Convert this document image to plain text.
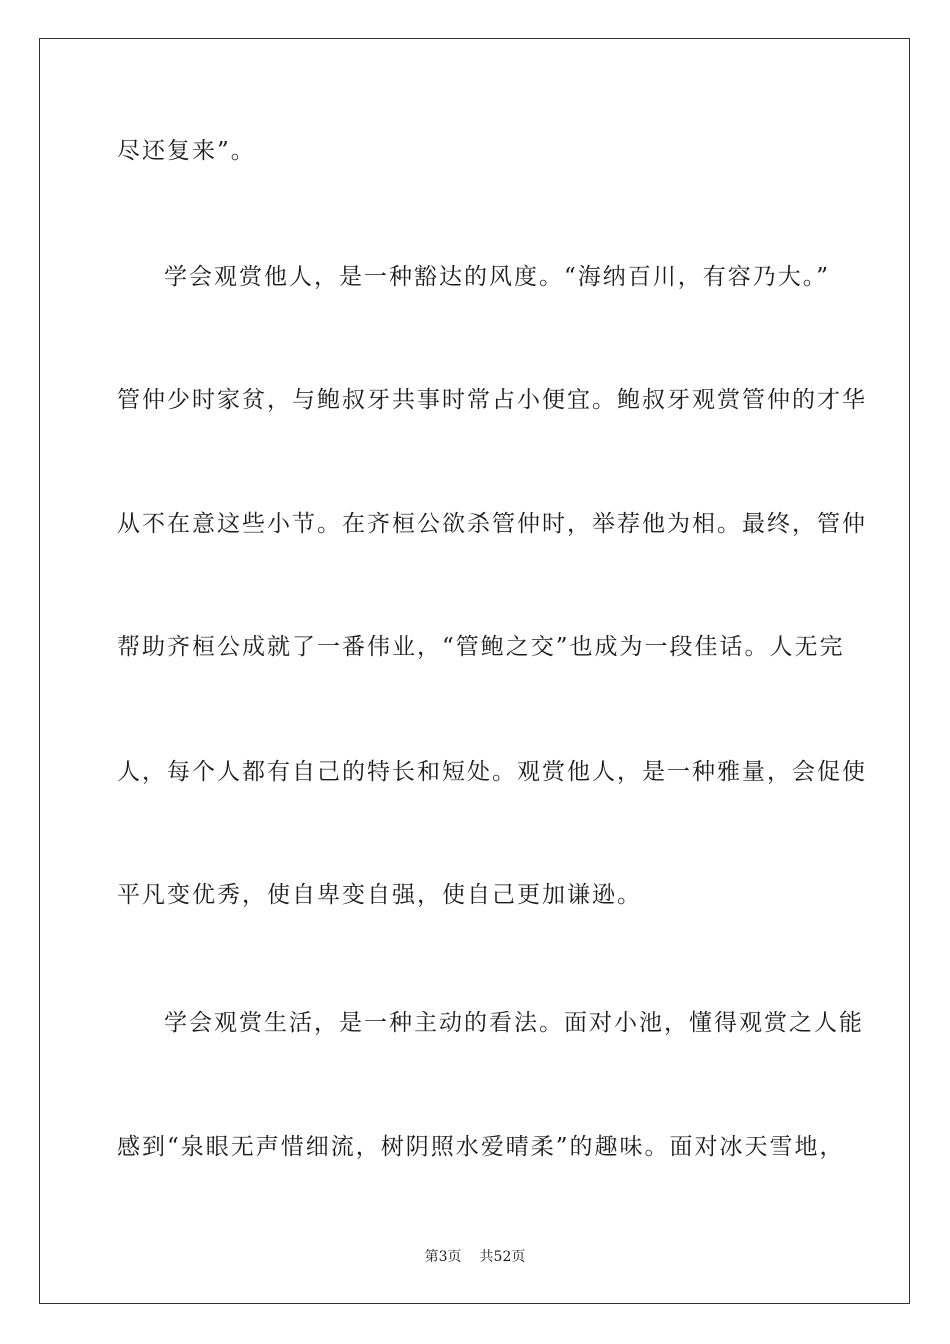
尽还复来”。
学会观赏他人，是一种豁达的风度。“海纳百川，有容乃大。”
管仲少时家贫，与鲍叔牙共事时常占小便宜。鲍叔牙观赏管仲的才华
从不在意这些小节。在齐桓公欲杀管仲时，举荐他为相。最终，管仲
帮助齐桓公成就了一番伟业，“管鲍之交”也成为一段佳话。人无完
人，每个人都有自己的特长和短处。观赏他人，是一种雅量，会促使
平凡变优秀，使自卑变自强，使自己更加谦逊。
学会观赏生活，是一种主动的看法。面对小池，懂得观赏之人能
感到“泉眼无声惜细流，树阴照水爱晴柔”的趣味。面对冰天雪地，
第3页 共52页
